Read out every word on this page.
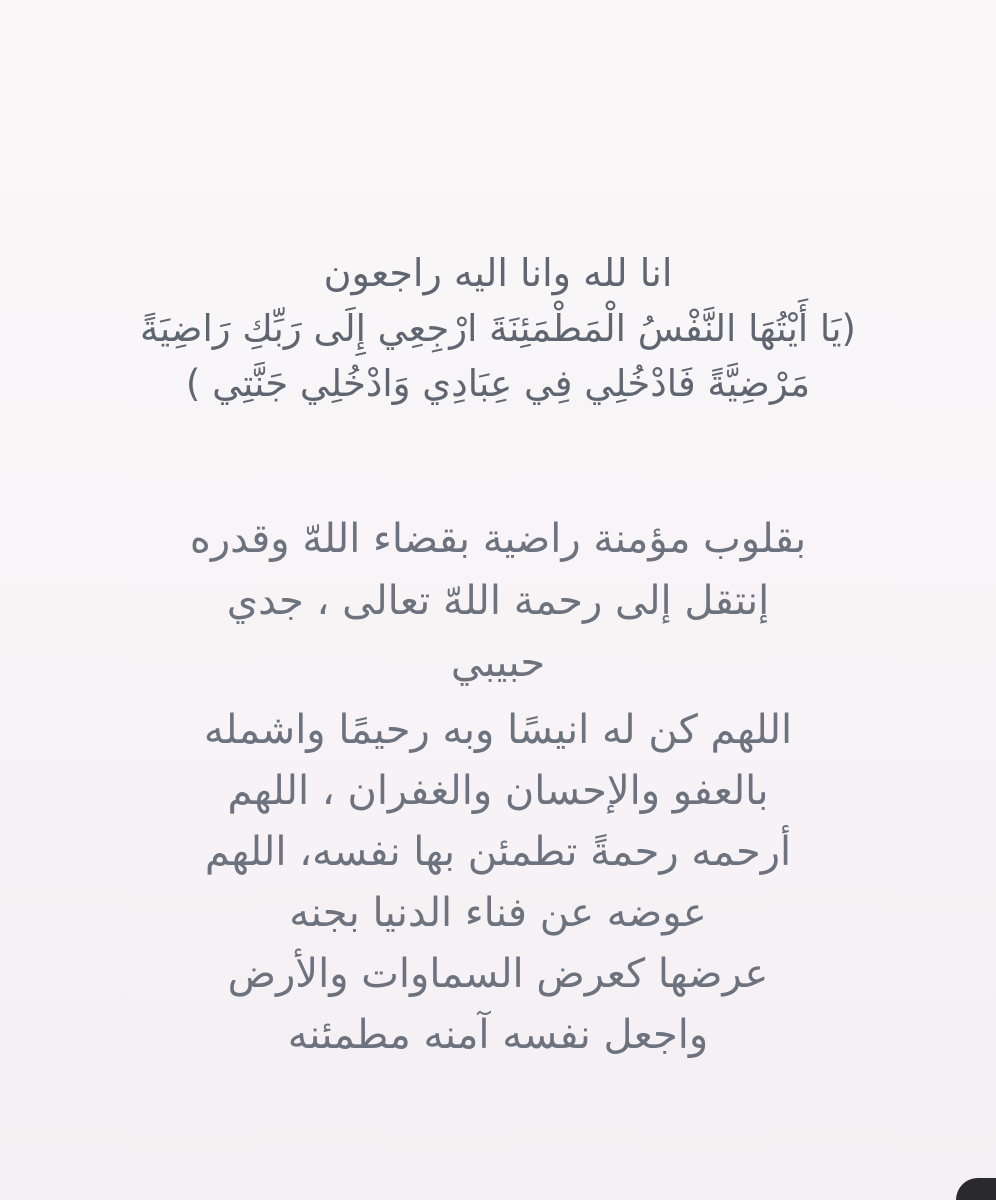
انا لله وانا اليه راجعون
(يَا أَيْتُهَا النَّفْسُ الْمَطْمَئِنَةَ ارْجِعِي إِلَى رَبِّكِ رَاضِيَةً
مَرْضِيَّةً فَادْخُلِي فِي عِبَادِي وَادْخُلِي جَنَّتِي )
بقلوب مؤمنة راضية بقضاء اللهّ وقدره
إنتقل إلى رحمة اللهّ تعالى ، جدي
حبيبي
اللهم كن له انيسًا وبه رحيمًا واشمله
بالعفو والإحسان والغفران ، اللهم
أرحمه رحمةً تطمئن بها نفسه، اللهم
عوضه عن فناء الدنيا بجنه
عرضها كعرض السماوات والأرض
واجعل نفسه آمنه مطمئنه
